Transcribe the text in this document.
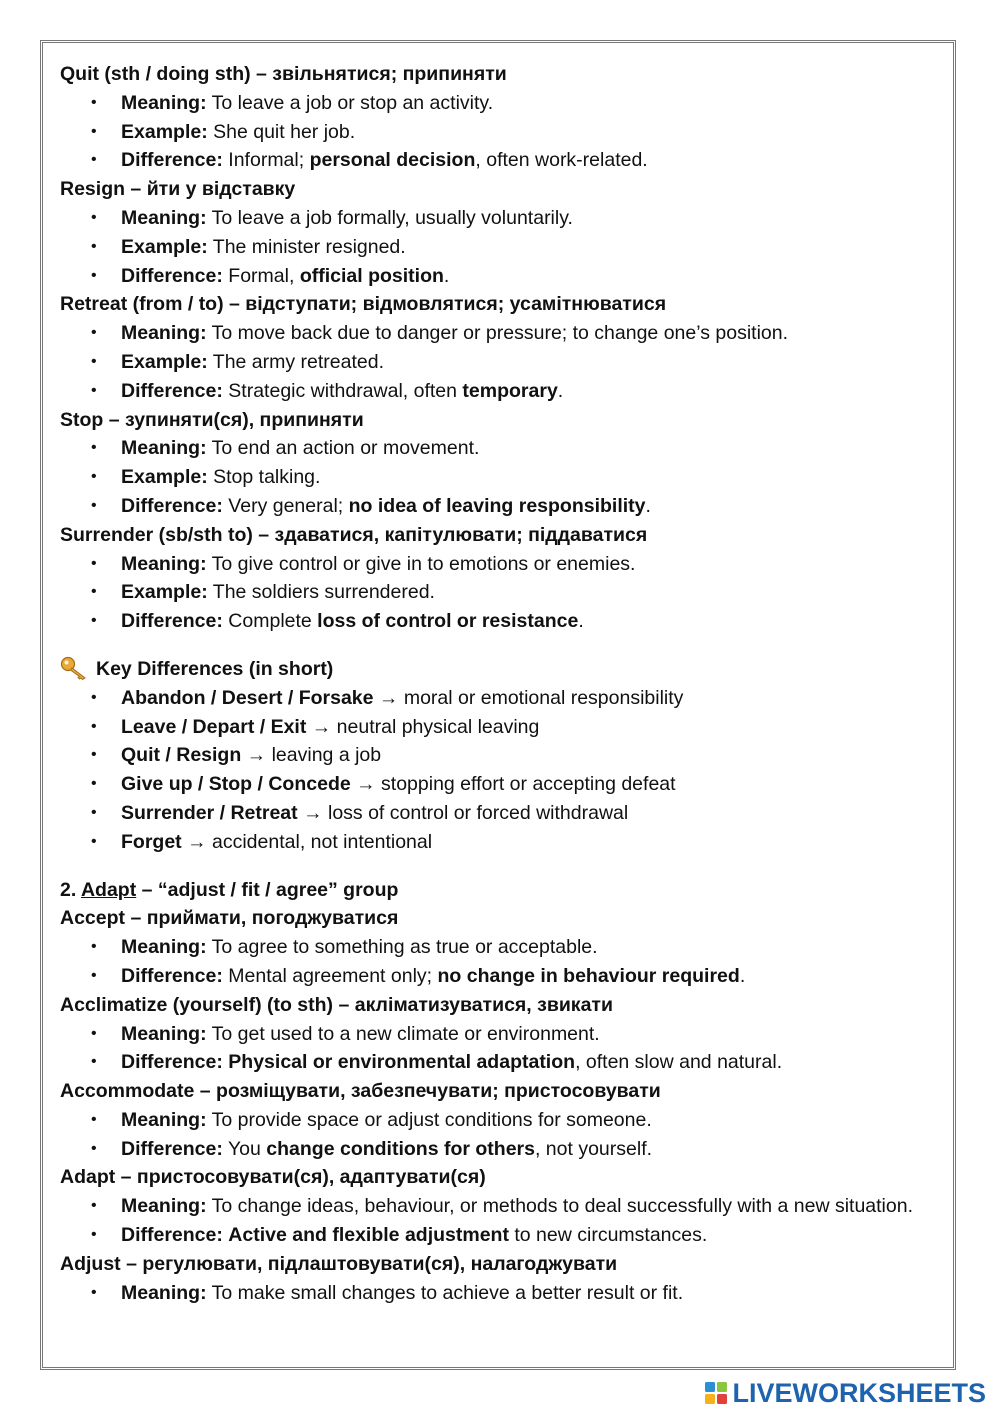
Quit (sth / doing sth) – звільнятися; припиняти

• Meaning: To leave a job or stop an activity.
• Example: She quit her job.
• Difference: Informal; personal decision, often work-related.

Resign – йти у відставку

• Meaning: To leave a job formally, usually voluntarily.
• Example: The minister resigned.
• Difference: Formal, official position.

Retreat (from / to) – відступати; відмовлятися; усамітнюватися

• Meaning: To move back due to danger or pressure; to change one’s position.
• Example: The army retreated.
• Difference: Strategic withdrawal, often temporary.

Stop – зупиняти(ся), припиняти

• Meaning: To end an action or movement.
• Example: Stop talking.
• Difference: Very general; no idea of leaving responsibility.

Surrender (sb/sth to) – здаватися, капітулювати; піддаватися

• Meaning: To give control or give in to emotions or enemies.
• Example: The soldiers surrendered.
• Difference: Complete loss of control or resistance.

Key Differences (in short)

• Abandon / Desert / Forsake → moral or emotional responsibility
• Leave / Depart / Exit → neutral physical leaving
• Quit / Resign → leaving a job
• Give up / Stop / Concede → stopping effort or accepting defeat
• Surrender / Retreat → loss of control or forced withdrawal
• Forget → accidental, not intentional

2. Adapt – “adjust / fit / agree” group

Accept – приймати, погоджуватися

• Meaning: To agree to something as true or acceptable.
• Difference: Mental agreement only; no change in behaviour required.

Acclimatize (yourself) (to sth) – акліматизуватися, звикати

• Meaning: To get used to a new climate or environment.
• Difference: Physical or environmental adaptation, often slow and natural.

Accommodate – розміщувати, забезпечувати; пристосовувати

• Meaning: To provide space or adjust conditions for someone.
• Difference: You change conditions for others, not yourself.

Adapt – пристосовувати(ся), адаптувати(ся)

• Meaning: To change ideas, behaviour, or methods to deal successfully with a new situation.
• Difference: Active and flexible adjustment to new circumstances.

Adjust – регулювати, підлаштовувати(ся), налагоджувати

• Meaning: To make small changes to achieve a better result or fit.
LIVEWORKSHEETS
